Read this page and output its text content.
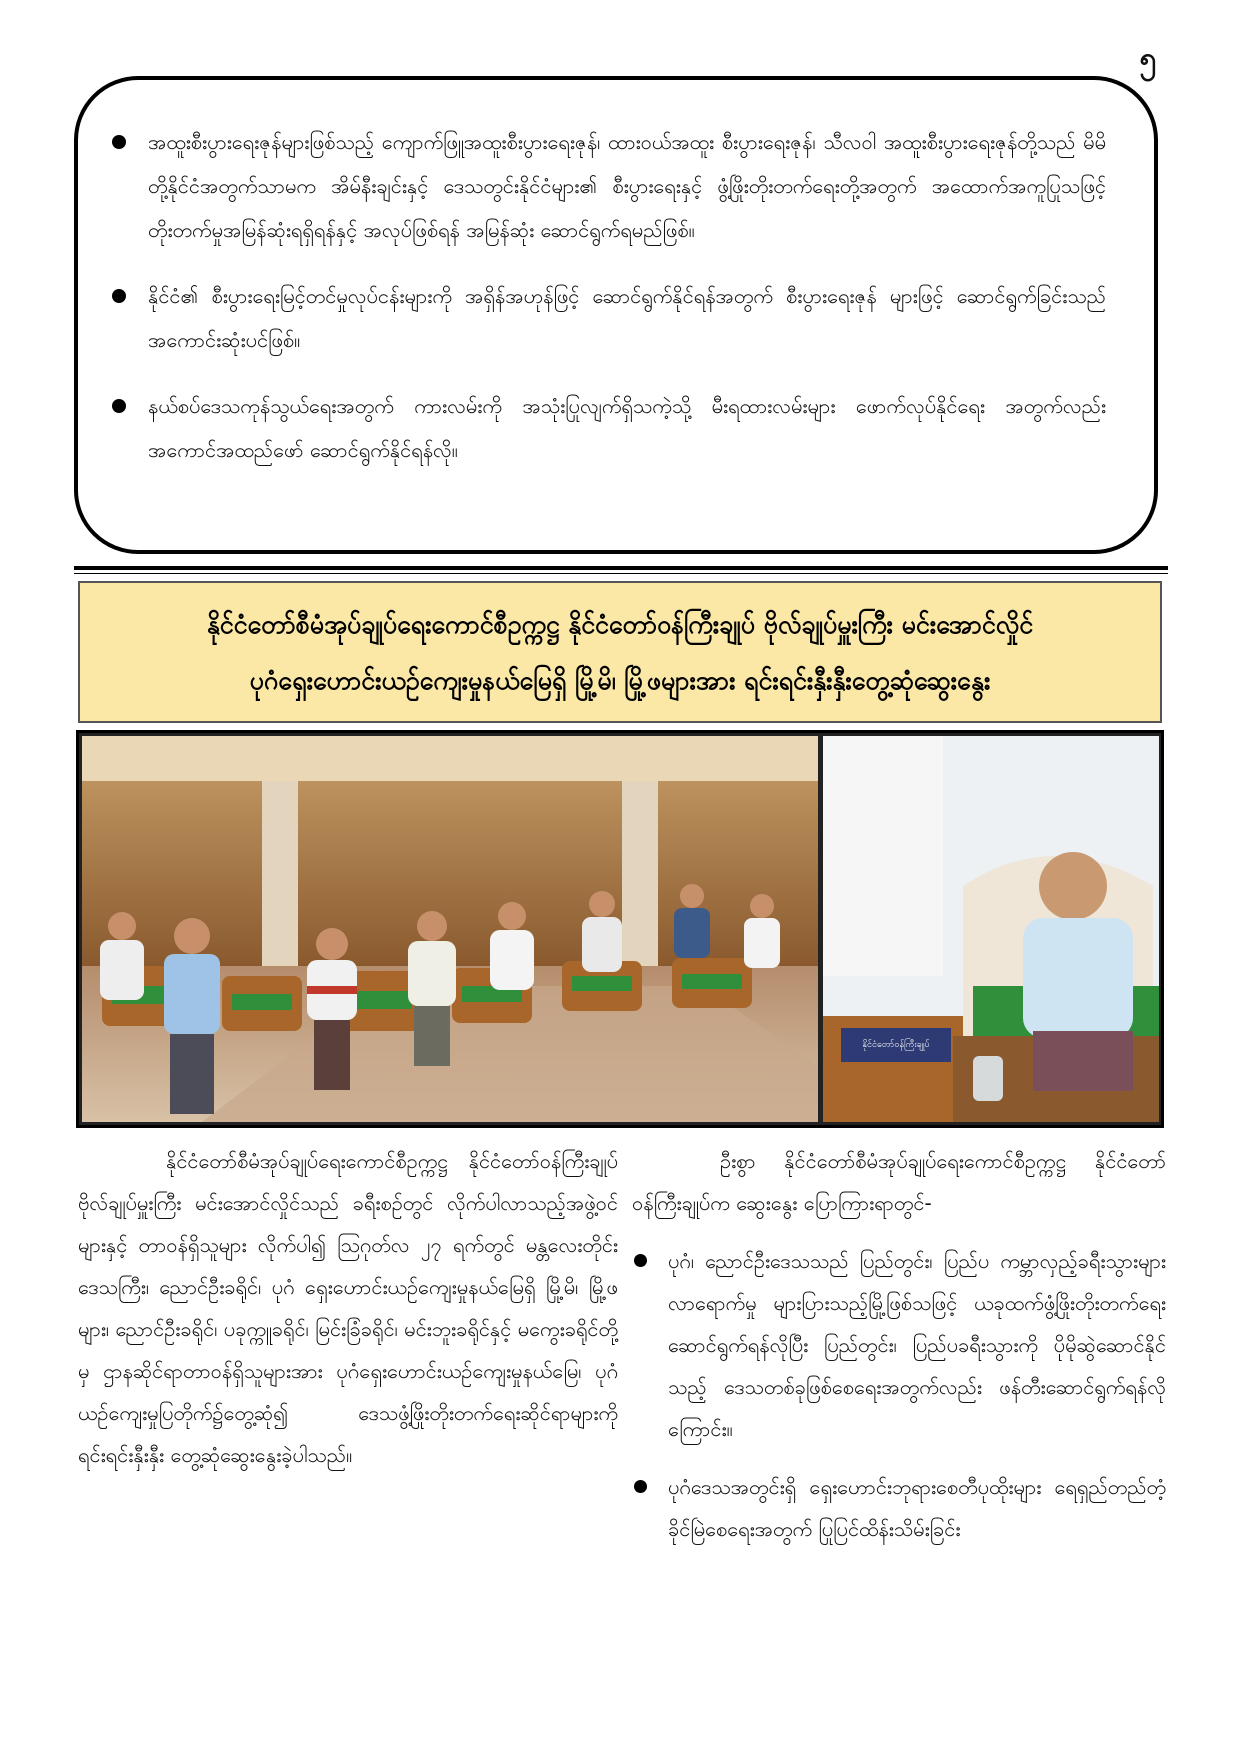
၅
အထူးစီးပွားရေးဇုန်များဖြစ်သည့် ကျောက်ဖြူအထူးစီးပွားရေးဇုန်၊ ထားဝယ်အထူး စီးပွားရေးဇုန်၊ သီလဝါ အထူးစီးပွားရေးဇုန်တို့သည် မိမိတို့နိုင်ငံအတွက်သာမက အိမ်နီးချင်းနှင့် ဒေသတွင်းနိုင်ငံများ၏ စီးပွားရေးနှင့် ဖွံ့ဖြိုးတိုးတက်ရေးတို့အတွက် အထောက်အကူပြုသဖြင့် တိုးတက်မှုအမြန်ဆုံးရရှိရန်နှင့် အလုပ်ဖြစ်ရန် အမြန်ဆုံး ဆောင်ရွက်ရမည်ဖြစ်။
နိုင်ငံ၏ စီးပွားရေးမြင့်တင်မှုလုပ်ငန်းများကို အရှိန်အဟုန်ဖြင့် ဆောင်ရွက်နိုင်ရန်အတွက် စီးပွားရေးဇုန် များဖြင့် ဆောင်ရွက်ခြင်းသည် အကောင်းဆုံးပင်ဖြစ်။
နယ်စပ်ဒေသကုန်သွယ်ရေးအတွက် ကားလမ်းကို အသုံးပြုလျက်ရှိသကဲ့သို့ မီးရထားလမ်းများ ဖောက်လုပ်နိုင်ရေး အတွက်လည်း အကောင်အထည်ဖော် ဆောင်ရွက်နိုင်ရန်လို။
နိုင်ငံတော်စီမံအုပ်ချုပ်ရေးကောင်စီဥက္ကဋ္ဌ နိုင်ငံတော်ဝန်ကြီးချုပ် ဗိုလ်ချုပ်မှူးကြီး မင်းအောင်လှိုင်
ပုဂံရှေးဟောင်းယဉ်ကျေးမှုနယ်မြေရှိ မြို့မိ၊ မြို့ဖများအား ရင်းရင်းနှီးနှီးတွေ့ဆုံဆွေးနွေး
နိုင်ငံတော်ဝန်ကြီးချုပ်

နိုင်ငံတော်စီမံအုပ်ချုပ်ရေးကောင်စီဥက္ကဋ္ဌ နိုင်ငံတော်ဝန်ကြီးချုပ် ဗိုလ်ချုပ်မှူးကြီး မင်းအောင်လှိုင်သည် ခရီးစဉ်တွင် လိုက်ပါလာသည့်အဖွဲ့ဝင်များနှင့် တာဝန်ရှိသူများ လိုက်ပါ၍ ဩဂုတ်လ ၂၇ ရက်တွင် မန္တလေးတိုင်းဒေသကြီး၊ ညောင်ဦးခရိုင်၊ ပုဂံ ရှေးဟောင်းယဉ်ကျေးမှုနယ်မြေရှိ မြို့မိ၊ မြို့ဖများ၊ ညောင်ဦးခရိုင်၊ ပခုက္ကူခရိုင်၊ မြင်းခြံခရိုင်၊ မင်းဘူးခရိုင်နှင့် မကွေးခရိုင်တို့မှ ဌာနဆိုင်ရာတာဝန်ရှိသူများအား ပုဂံရှေးဟောင်းယဉ်ကျေးမှုနယ်မြေ၊ ပုဂံယဉ်ကျေးမှုပြတိုက်၌တွေ့ဆုံ၍ ဒေသဖွံ့ဖြိုးတိုးတက်ရေးဆိုင်ရာများကို ရင်းရင်းနှီးနှီး တွေ့ဆုံဆွေးနွေးခဲ့ပါသည်။

ဦးစွာ နိုင်ငံတော်စီမံအုပ်ချုပ်ရေးကောင်စီဥက္ကဋ္ဌ နိုင်ငံတော်ဝန်ကြီးချုပ်က ဆွေးနွေး ပြောကြားရာတွင်-

ပုဂံ၊ ညောင်ဦးဒေသသည် ပြည်တွင်း၊ ပြည်ပ ကမ္ဘာလှည့်ခရီးသွားများလာရောက်မှု များပြားသည့်မြို့ဖြစ်သဖြင့် ယခုထက်ဖွံ့ဖြိုးတိုးတက်ရေး ဆောင်ရွက်ရန်လိုပြီး ပြည်တွင်း၊ ပြည်ပခရီးသွားကို ပိုမိုဆွဲဆောင်နိုင်သည့် ဒေသတစ်ခုဖြစ်စေရေးအတွက်လည်း ဖန်တီးဆောင်ရွက်ရန်လို ကြောင်း။
ပုဂံဒေသအတွင်းရှိ ရှေးဟောင်းဘုရားစေတီပုထိုးများ ရေရှည်တည်တံ့ခိုင်မြဲစေရေးအတွက် ပြုပြင်ထိန်းသိမ်းခြင်း
